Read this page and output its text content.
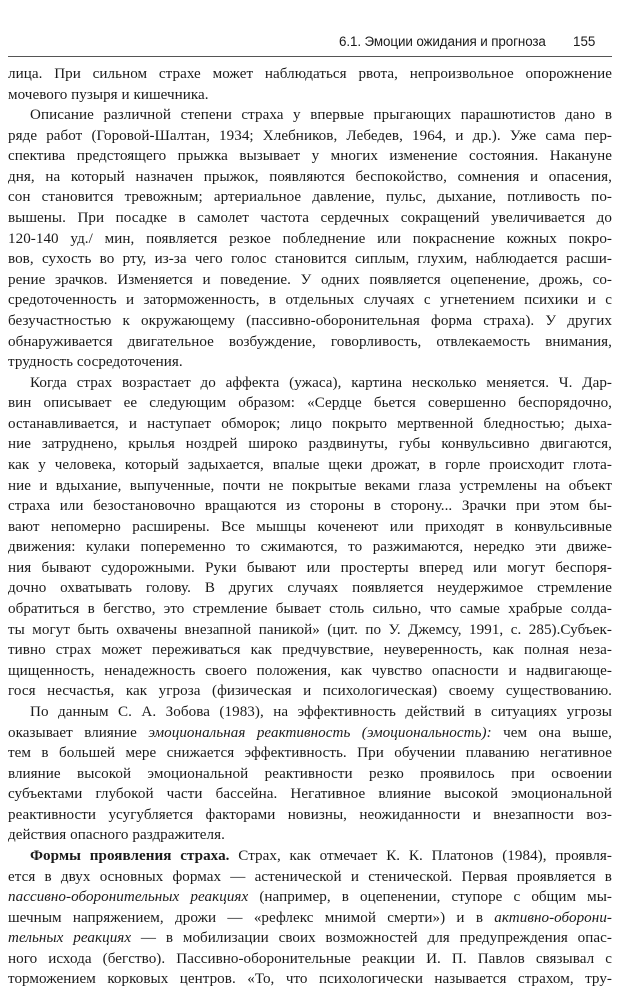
6.1. Эмоции ожидания и прогноза 155
лица. При сильном страхе может наблюдаться рвота, непроизвольное опорожнение
мочевого пузыря и кишечника.
Описание различной степени страха у впервые прыгающих парашютистов дано в
ряде работ (Горовой-Шалтан, 1934; Хлебников, Лебедев, 1964, и др.). Уже сама пер-
спектива предстоящего прыжка вызывает у многих изменение состояния. Накануне
дня, на который назначен прыжок, появляются беспокойство, сомнения и опасения,
сон становится тревожным; артериальное давление, пульс, дыхание, потливость по-
вышены. При посадке в самолет частота сердечных сокращений увеличивается до
120-140 уд./ мин, появляется резкое побледнение или покраснение кожных покро-
вов, сухость во рту, из-за чего голос становится сиплым, глухим, наблюдается расши-
рение зрачков. Изменяется и поведение. У одних появляется оцепенение, дрожь, со-
средоточенность и заторможенность, в отдельных случаях с угнетением психики и с
безучастностью к окружающему (пассивно-оборонительная форма страха). У других
обнаруживается двигательное возбуждение, говорливость, отвлекаемость внимания,
трудность сосредоточения.
Когда страх возрастает до аффекта (ужаса), картина несколько меняется. Ч. Дар-
вин описывает ее следующим образом: «Сердце бьется совершенно беспорядочно,
останавливается, и наступает обморок; лицо покрыто мертвенной бледностью; дыха-
ние затруднено, крылья ноздрей широко раздвинуты, губы конвульсивно двигаются,
как у человека, который задыхается, впалые щеки дрожат, в горле происходит глота-
ние и вдыхание, выпученные, почти не покрытые веками глаза устремлены на объект
страха или безостановочно вращаются из стороны в сторону... Зрачки при этом бы-
вают непомерно расширены. Все мышцы коченеют или приходят в конвульсивные
движения: кулаки попеременно то сжимаются, то разжимаются, нередко эти движе-
ния бывают судорожными. Руки бывают или простерты вперед или могут беспоря-
дочно охватывать голову. В других случаях появляется неудержимое стремление
обратиться в бегство, это стремление бывает столь сильно, что самые храбрые солда-
ты могут быть охвачены внезапной паникой» (цит. по У. Джемсу, 1991, с. 285).Субъек-
тивно страх может переживаться как предчувствие, неуверенность, как полная неза-
щищенность, ненадежность своего положения, как чувство опасности и надвигающе-
гося несчастья, как угроза (физическая и психологическая) своему существованию.
По данным С. А. Зобова (1983), на эффективность действий в ситуациях угрозы
оказывает влияние эмоциональная реактивность (эмоциональность): чем она выше,
тем в большей мере снижается эффективность. При обучении плаванию негативное
влияние высокой эмоциональной реактивности резко проявилось при освоении
субъектами глубокой части бассейна. Негативное влияние высокой эмоциональной
реактивности усугубляется факторами новизны, неожиданности и внезапности воз-
действия опасного раздражителя.
Формы проявления страха. Страх, как отмечает К. К. Платонов (1984), проявля-
ется в двух основных формах — астенической и стенической. Первая проявляется в
пассивно-оборонительных реакциях (например, в оцепенении, ступоре с общим мы-
шечным напряжением, дрожи — «рефлекс мнимой смерти») и в активно-оборони-
тельных реакциях — в мобилизации своих возможностей для предупреждения опас-
ного исхода (бегство). Пассивно-оборонительные реакции И. П. Павлов связывал с
торможением корковых центров. «То, что психологически называется страхом, тру-
